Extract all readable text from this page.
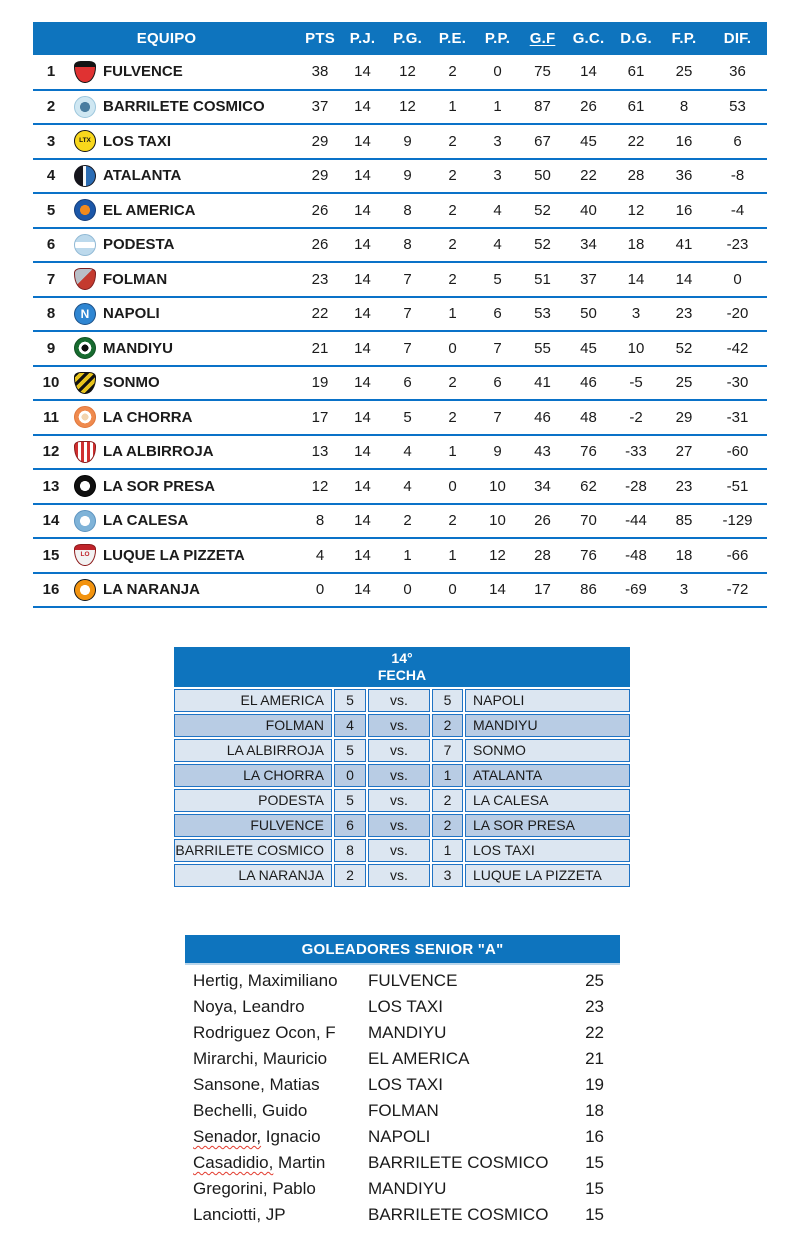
EQUIPO		PTS	P.J.	P.G.	P.E.	P.P.	G.F	G.C.	D.G.	F.P.	DIF.
1	FULVENCE	38	14	12	2	0	75	14	61	25	36
2	BARRILETE COSMICO	37	14	12	1	1	87	26	61	8	53
3	LTX LOS TAXI	29	14	9	2	3	67	45	22	16	6
4	ATALANTA	29	14	9	2	3	50	22	28	36	-8
5	EL AMERICA	26	14	8	2	4	52	40	12	16	-4
6	PODESTA	26	14	8	2	4	52	34	18	41	-23
7	FOLMAN	23	14	7	2	5	51	37	14	14	0
8	N NAPOLI	22	14	7	1	6	53	50	3	23	-20
9	MANDIYU	21	14	7	0	7	55	45	10	52	-42
10	SONMO	19	14	6	2	6	41	46	-5	25	-30
11	LA CHORRA	17	14	5	2	7	46	48	-2	29	-31
12	LA ALBIRROJA	13	14	4	1	9	43	76	-33	27	-60
13	LA SOR PRESA	12	14	4	0	10	34	62	-28	23	-51
14	LA CALESA	8	14	2	2	10	26	70	-44	85	-129
15	LO LUQUE LA PIZZETA	4	14	1	1	12	28	76	-48	18	-66
16	LA NARANJA	0	14	0	0	14	17	86	-69	3	-72
14°
FECHA				
EL AMERICA	5	vs.	5	NAPOLI
FOLMAN	4	vs.	2	MANDIYU
LA ALBIRROJA	5	vs.	7	SONMO
LA CHORRA	0	vs.	1	ATALANTA
PODESTA	5	vs.	2	LA CALESA
FULVENCE	6	vs.	2	LA SOR PRESA
BARRILETE COSMICO	8	vs.	1	LOS TAXI
LA NARANJA	2	vs.	3	LUQUE LA PIZZETA
GOLEADORES SENIOR "A"
Hertig, Maximiliano	FULVENCE	25
Noya, Leandro	LOS TAXI	23
Rodriguez Ocon, F	MANDIYU	22
Mirarchi, Mauricio	EL AMERICA	21
Sansone, Matias	LOS TAXI	19
Bechelli, Guido	FOLMAN	18
Senador, Ignacio	NAPOLI	16
Casadidio, Martin	BARRILETE COSMICO	15
Gregorini, Pablo	MANDIYU	15
Lanciotti, JP	BARRILETE COSMICO	15
